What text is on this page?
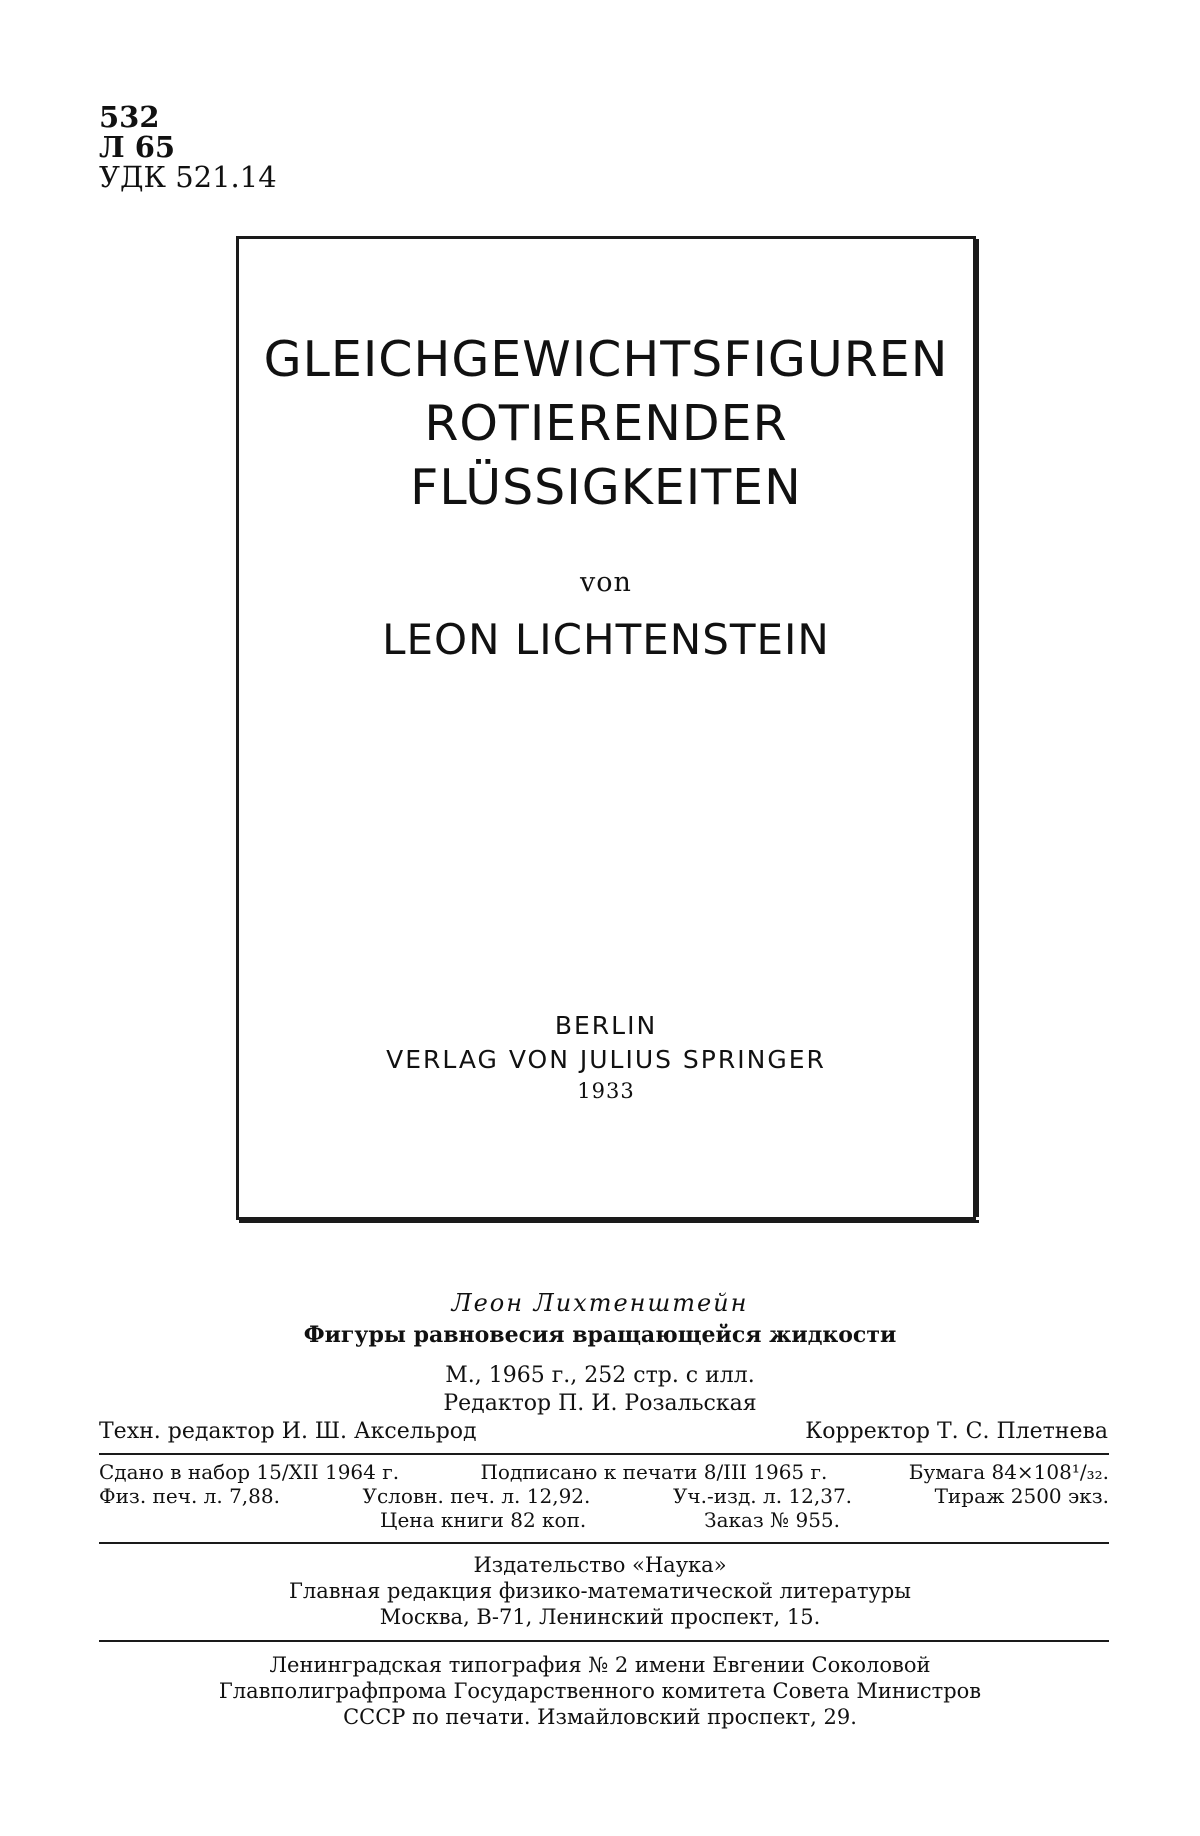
532
Л 65
УДК 521.14
GLEICHGEWICHTSFIGUREN
ROTIERENDER
FLÜSSIGKEITEN
von
LEON LICHTENSTEIN
BERLIN
VERLAG VON JULIUS SPRINGER
1933
Леон Лихтенштейн
Фигуры равновесия вращающейся жидкости
М., 1965 г., 252 стр. с илл.
Редактор П. И. Розальская
Техн. редактор И. Ш. Аксельрод	Корректор Т. С. Плетнева
Сдано в набор 15/XII 1964 г.	Подписано к печати 8/III 1965 г.	Бумага 84×108¹/₃₂.
Физ. печ. л. 7,88.	Условн. печ. л. 12,92.	Уч.-изд. л. 12,37.	Тираж 2500 экз.
Цена книги 82 коп.	Заказ № 955.
Издательство «Наука»
Главная редакция физико-математической литературы
Москва, В-71, Ленинский проспект, 15.
Ленинградская типография № 2 имени Евгении Соколовой
Главполиграфпрома Государственного комитета Совета Министров
СССР по печати. Измайловский проспект, 29.
